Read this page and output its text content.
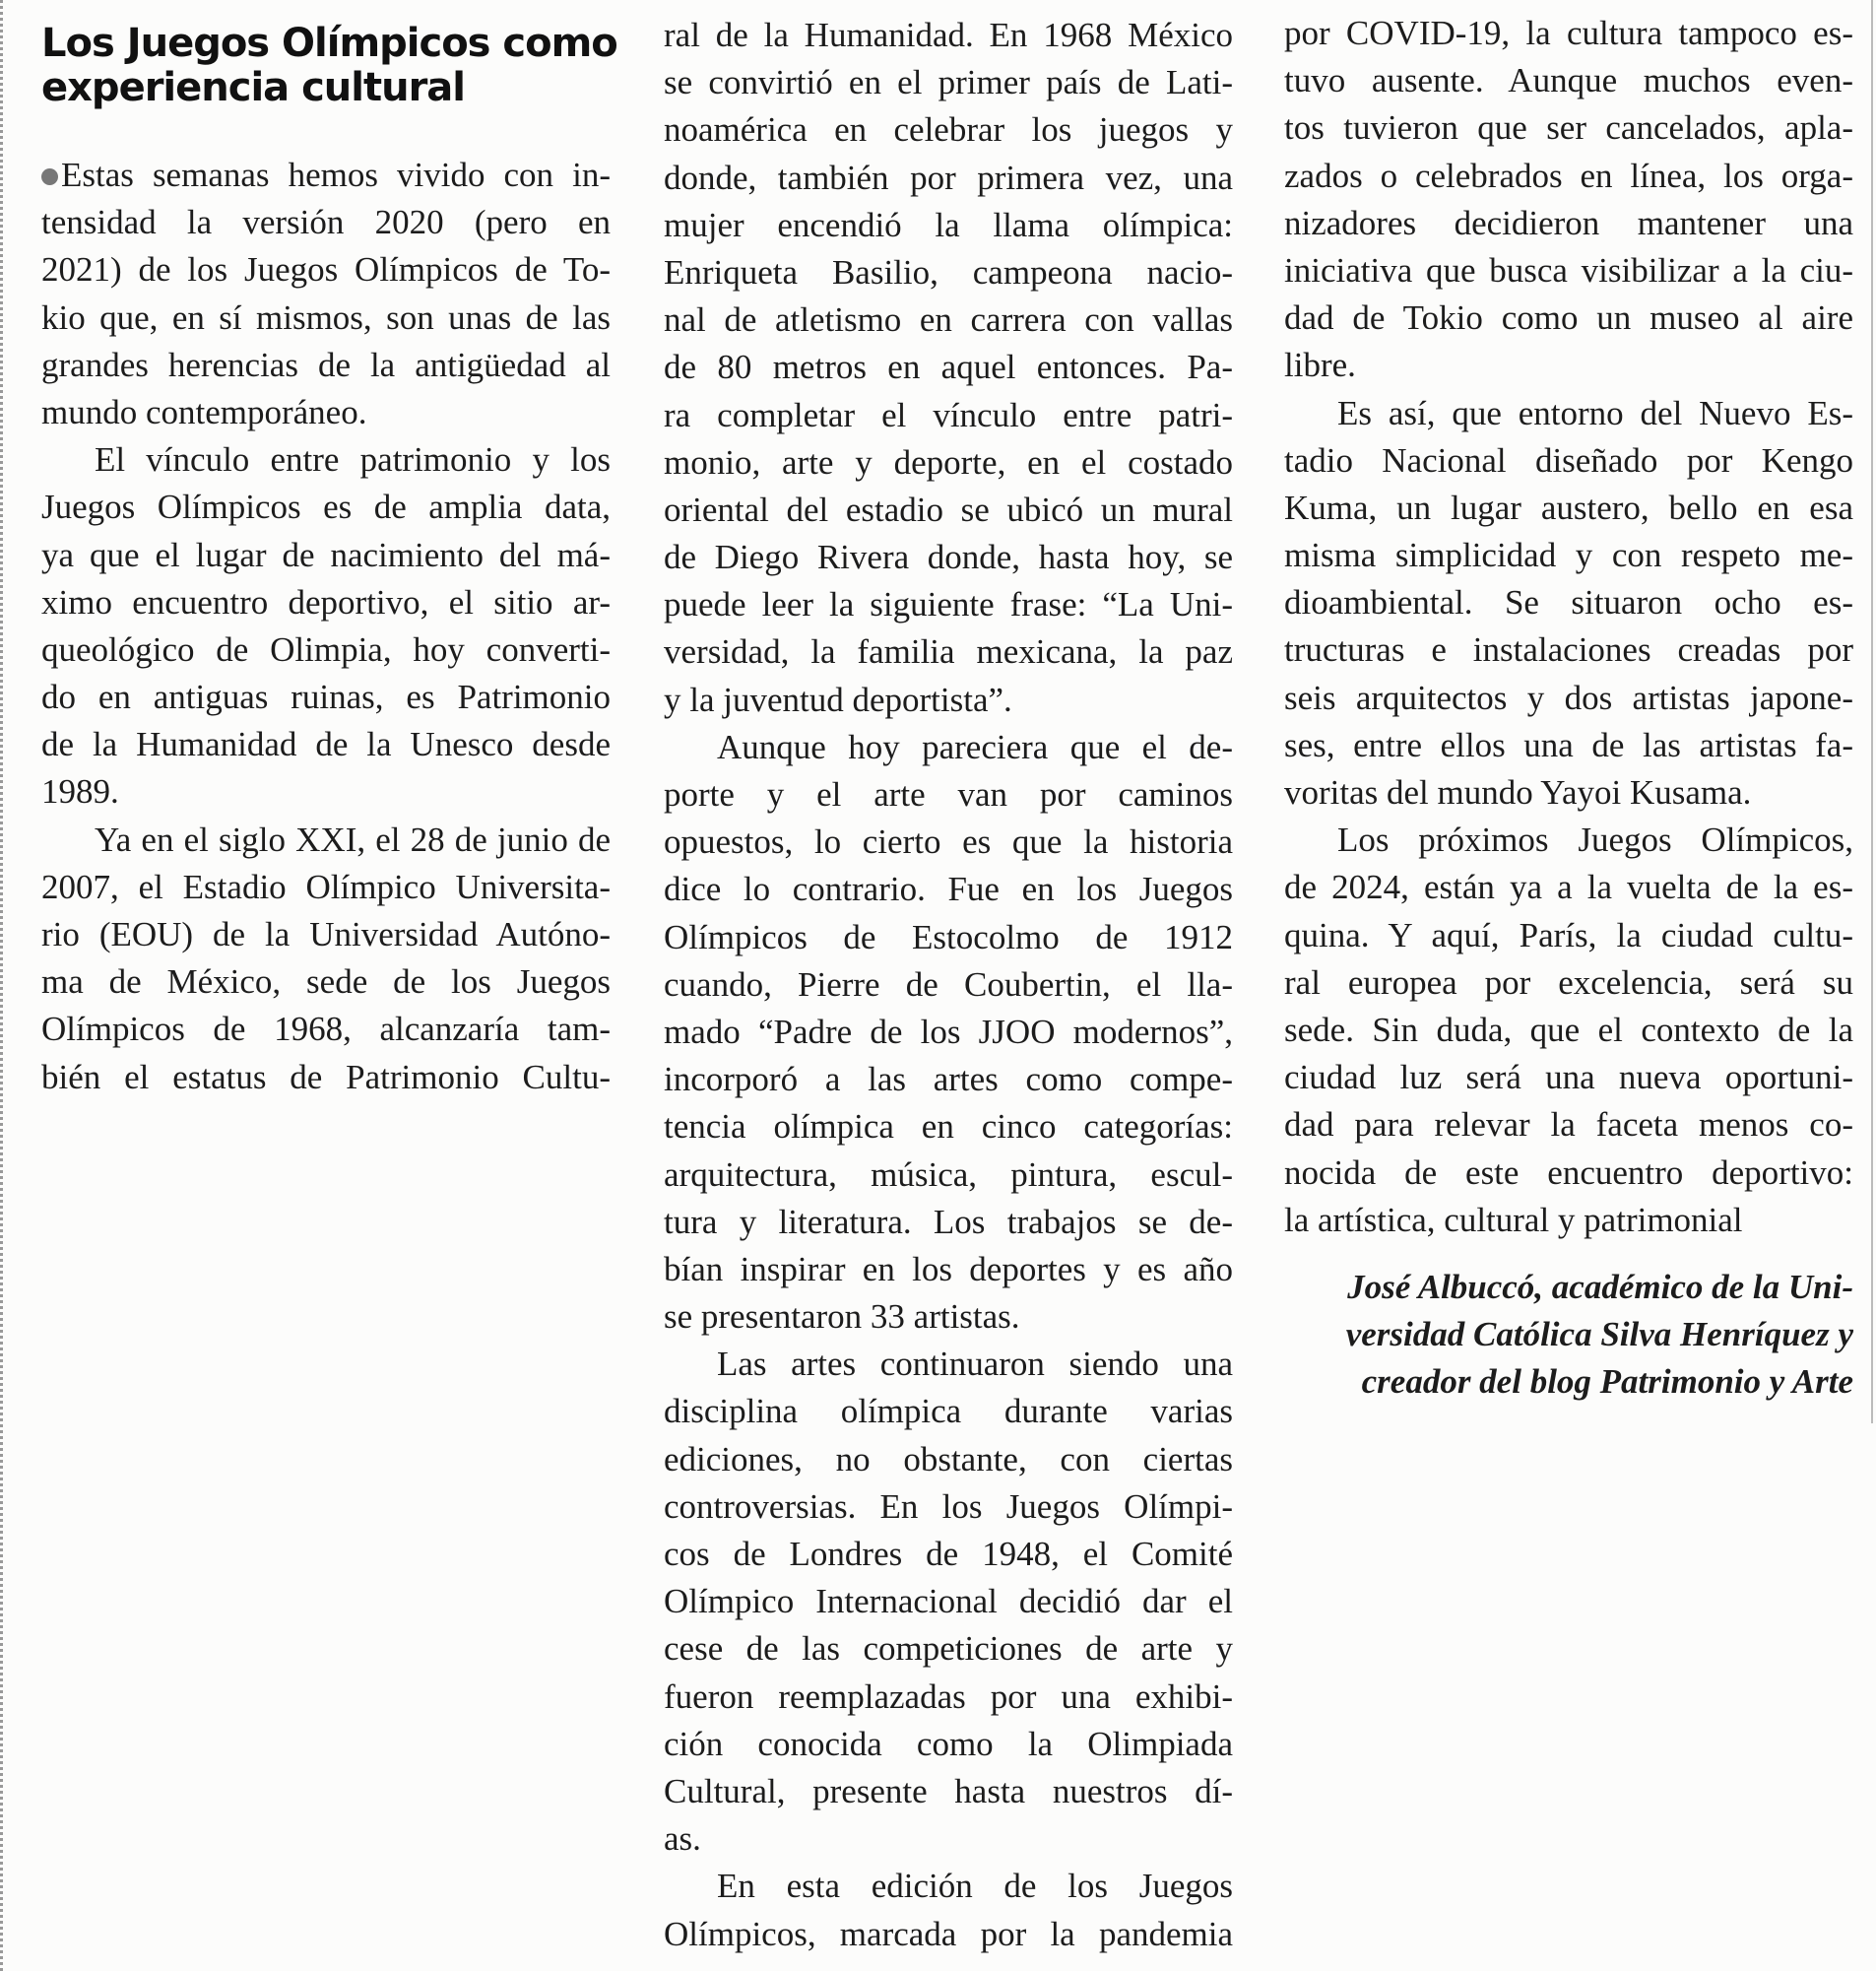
Los Juegos Olímpicos como
experiencia cultural
Estas semanas hemos vivido con in-
tensidad la versión 2020 (pero en
2021) de los Juegos Olímpicos de To-
kio que, en sí mismos, son unas de las
grandes herencias de la antigüedad al
mundo contemporáneo.
El vínculo entre patrimonio y los
Juegos Olímpicos es de amplia data,
ya que el lugar de nacimiento del má-
ximo encuentro deportivo, el sitio ar-
queológico de Olimpia, hoy converti-
do en antiguas ruinas, es Patrimonio
de la Humanidad de la Unesco desde
1989.
Ya en el siglo XXI, el 28 de junio de
2007, el Estadio Olímpico Universita-
rio (EOU) de la Universidad Autóno-
ma de México, sede de los Juegos
Olímpicos de 1968, alcanzaría tam-
bién el estatus de Patrimonio Cultu-
ral de la Humanidad. En 1968 México
se convirtió en el primer país de Lati-
noamérica en celebrar los juegos y
donde, también por primera vez, una
mujer encendió la llama olímpica:
Enriqueta Basilio, campeona nacio-
nal de atletismo en carrera con vallas
de 80 metros en aquel entonces. Pa-
ra completar el vínculo entre patri-
monio, arte y deporte, en el costado
oriental del estadio se ubicó un mural
de Diego Rivera donde, hasta hoy, se
puede leer la siguiente frase: “La Uni-
versidad, la familia mexicana, la paz
y la juventud deportista”.
Aunque hoy pareciera que el de-
porte y el arte van por caminos
opuestos, lo cierto es que la historia
dice lo contrario. Fue en los Juegos
Olímpicos de Estocolmo de 1912
cuando, Pierre de Coubertin, el lla-
mado “Padre de los JJOO modernos”,
incorporó a las artes como compe-
tencia olímpica en cinco categorías:
arquitectura, música, pintura, escul-
tura y literatura. Los trabajos se de-
bían inspirar en los deportes y es año
se presentaron 33 artistas.
Las artes continuaron siendo una
disciplina olímpica durante varias
ediciones, no obstante, con ciertas
controversias. En los Juegos Olímpi-
cos de Londres de 1948, el Comité
Olímpico Internacional decidió dar el
cese de las competiciones de arte y
fueron reemplazadas por una exhibi-
ción conocida como la Olimpiada
Cultural, presente hasta nuestros dí-
as.
En esta edición de los Juegos
Olímpicos, marcada por la pandemia
por COVID-19, la cultura tampoco es-
tuvo ausente. Aunque muchos even-
tos tuvieron que ser cancelados, apla-
zados o celebrados en línea, los orga-
nizadores decidieron mantener una
iniciativa que busca visibilizar a la ciu-
dad de Tokio como un museo al aire
libre.
Es así, que entorno del Nuevo Es-
tadio Nacional diseñado por Kengo
Kuma, un lugar austero, bello en esa
misma simplicidad y con respeto me-
dioambiental. Se situaron ocho es-
tructuras e instalaciones creadas por
seis arquitectos y dos artistas japone-
ses, entre ellos una de las artistas fa-
voritas del mundo Yayoi Kusama.
Los próximos Juegos Olímpicos,
de 2024, están ya a la vuelta de la es-
quina. Y aquí, París, la ciudad cultu-
ral europea por excelencia, será su
sede. Sin duda, que el contexto de la
ciudad luz será una nueva oportuni-
dad para relevar la faceta menos co-
nocida de este encuentro deportivo:
la artística, cultural y patrimonial
José Albuccó, académico de la Uni-
versidad Católica Silva Henríquez y
creador del blog Patrimonio y Arte
